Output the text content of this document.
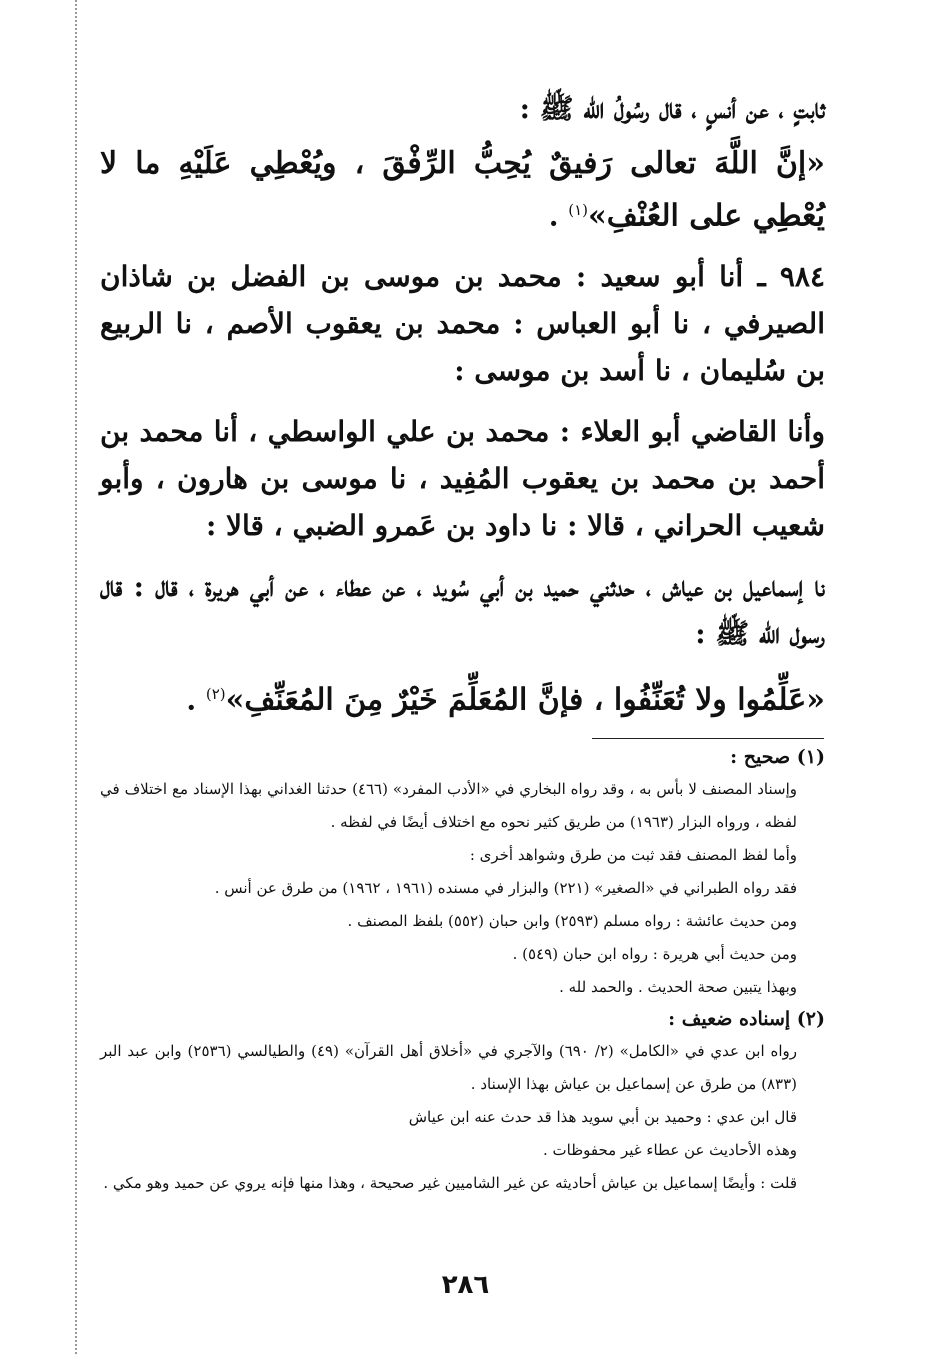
ثابتٍ ، عن أنسٍ ، قال رسُولُ الله ﷺ :

«إنَّ اللَّهَ تعالى رَفيقٌ يُحِبُّ الرِّفْقَ ، ويُعْطِي عَلَيْهِ ما لا يُعْطِي على العُنْفِ»$^{(١)}$ .

٩٨٤ ـ أنا أبو سعيد : محمد بن موسى بن الفضل بن شاذان الصيرفي ، نا أبو العباس : محمد بن يعقوب الأصم ، نا الربيع بن سُليمان ، نا أسد بن موسى :

وأنا القاضي أبو العلاء : محمد بن علي الواسطي ، أنا محمد بن أحمد بن محمد بن يعقوب المُفِيد ، نا موسى بن هارون ، وأبو شعيب الحراني ، قالا : نا داود بن عَمرو الضبي ، قالا :

نا إسماعيل بن عياش ، حدثني حميد بن أبي سُويد ، عن عطاء ، عن أبي هريرة ، قال : قال رسول الله ﷺ :

«عَلِّمُوا ولا تُعَنِّفُوا ، فإنَّ المُعَلِّمَ خَيْرٌ مِنَ المُعَنِّفِ»$^{(٢)}$ .

(١) صحيح :

وإسناد المصنف لا بأس به ، وقد رواه البخاري في «الأدب المفرد» (٤٦٦) حدثنا الغداني بهذا الإسناد مع اختلاف في لفظه ، ورواه البزار (١٩٦٣) من طريق كثير نحوه مع اختلاف أيضًا في لفظه .

وأما لفظ المصنف فقد ثبت من طرق وشواهد أخرى :

فقد رواه الطبراني في «الصغير» (٢٢١) والبزار في مسنده (١٩٦١ ، ١٩٦٢) من طرق عن أنس .

ومن حديث عائشة : رواه مسلم (٢٥٩٣) وابن حبان (٥٥٢) بلفظ المصنف .

ومن حديث أبي هريرة : رواه ابن حبان (٥٤٩) .

وبهذا يتبين صحة الحديث . والحمد لله .

(٢) إسناده ضعيف :

رواه ابن عدي في «الكامل» (٢/ ٦٩٠) والآجري في «أخلاق أهل القرآن» (٤٩) والطيالسي (٢٥٣٦) وابن عبد البر (٨٣٣) من طرق عن إسماعيل بن عياش بهذا الإسناد .

قال ابن عدي : وحميد بن أبي سويد هذا قد حدث عنه ابن عياش

وهذه الأحاديث عن عطاء غير محفوظات .

قلت : وأيضًا إسماعيل بن عياش أحاديثه عن غير الشاميين غير صحيحة ، وهذا منها فإنه يروي عن حميد وهو مكي .

٢٨٦
